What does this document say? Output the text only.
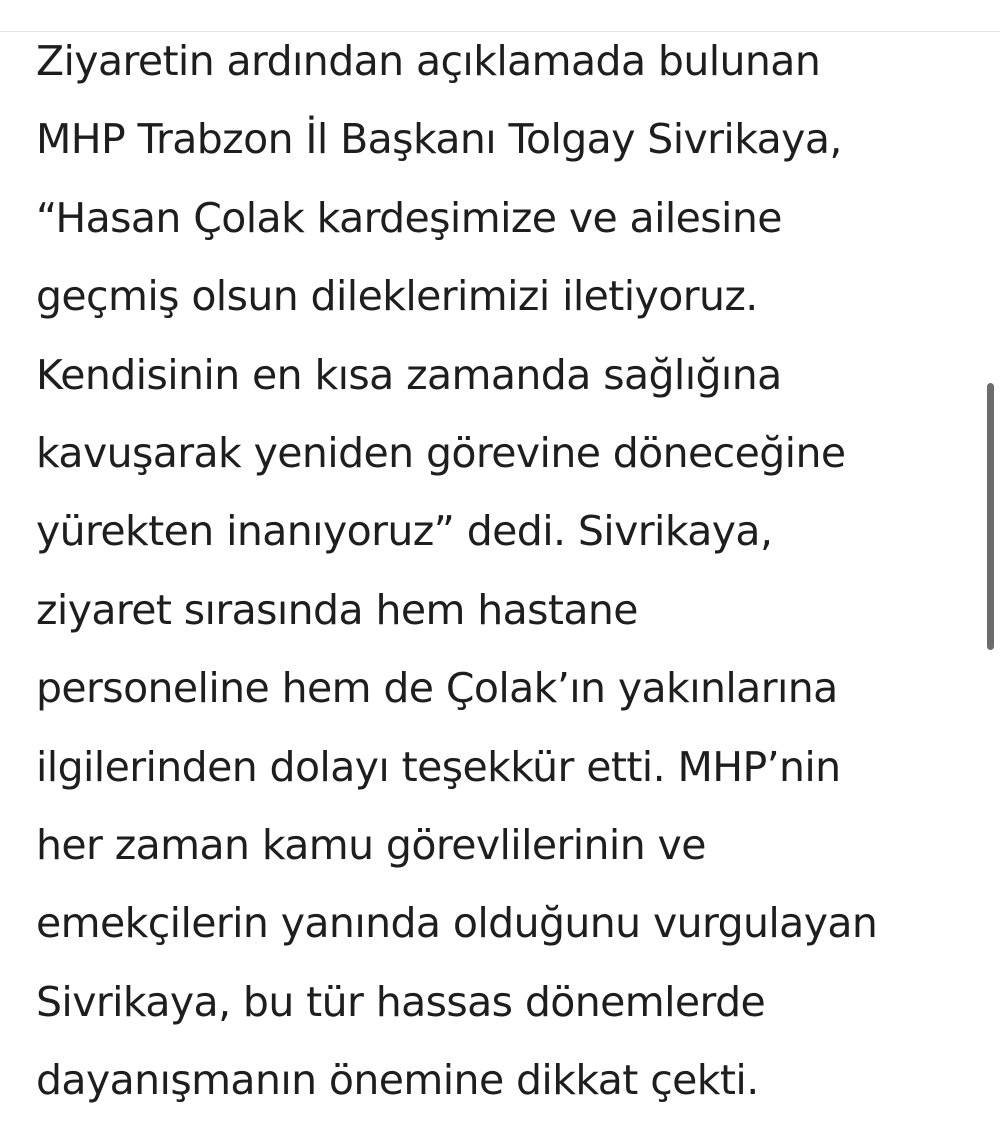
Ziyaretin ardından açıklamada bulunan
MHP Trabzon İl Başkanı Tolgay Sivrikaya,
“Hasan Çolak kardeşimize ve ailesine
geçmiş olsun dileklerimizi iletiyoruz.
Kendisinin en kısa zamanda sağlığına
kavuşarak yeniden görevine döneceğine
yürekten inanıyoruz” dedi. Sivrikaya,
ziyaret sırasında hem hastane
personeline hem de Çolak’ın yakınlarına
ilgilerinden dolayı teşekkür etti. MHP’nin
her zaman kamu görevlilerinin ve
emekçilerin yanında olduğunu vurgulayan
Sivrikaya, bu tür hassas dönemlerde
dayanışmanın önemine dikkat çekti.
